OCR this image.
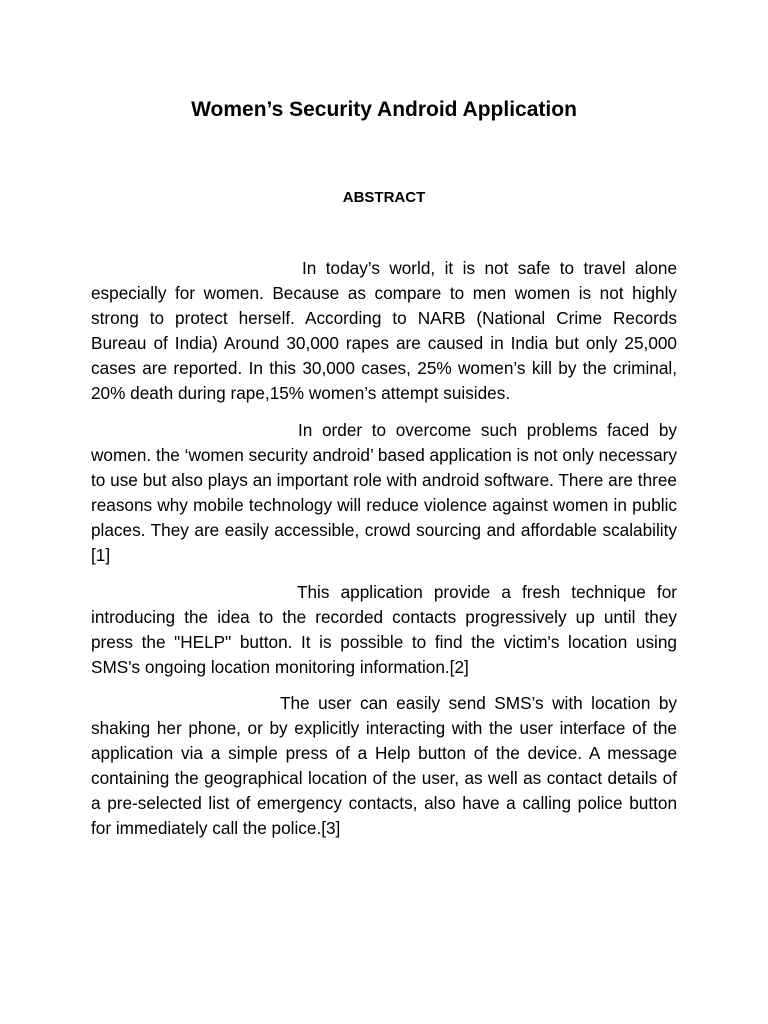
Women’s Security Android Application
ABSTRACT

In today’s world, it is not safe to travel alone especially for women. Because as compare to men women is not highly strong to protect herself. According to NARB (National Crime Records Bureau of India) Around 30,000 rapes are caused in India but only 25,000 cases are reported. In this 30,000 cases, 25% women’s kill by the criminal, 20% death during rape,15% women’s attempt suisides.

In order to overcome such problems faced by women. the ‘women security android’ based application is not only necessary to use but also plays an important role with android software. There are three reasons why mobile technology will reduce violence against women in public places. They are easily accessible, crowd sourcing and affordable scalability [1]

This application provide a fresh technique for introducing the idea to the recorded contacts progressively up until they press the "HELP" button. It is possible to find the victim's location using SMS's ongoing location monitoring information.[2]

The user can easily send SMS’s with location by shaking her phone, or by explicitly interacting with the user interface of the application via a simple press of a Help button of the device. A message containing the geographical location of the user, as well as contact details of a pre-selected list of emergency contacts, also have a calling police button for immediately call the police.[3]
